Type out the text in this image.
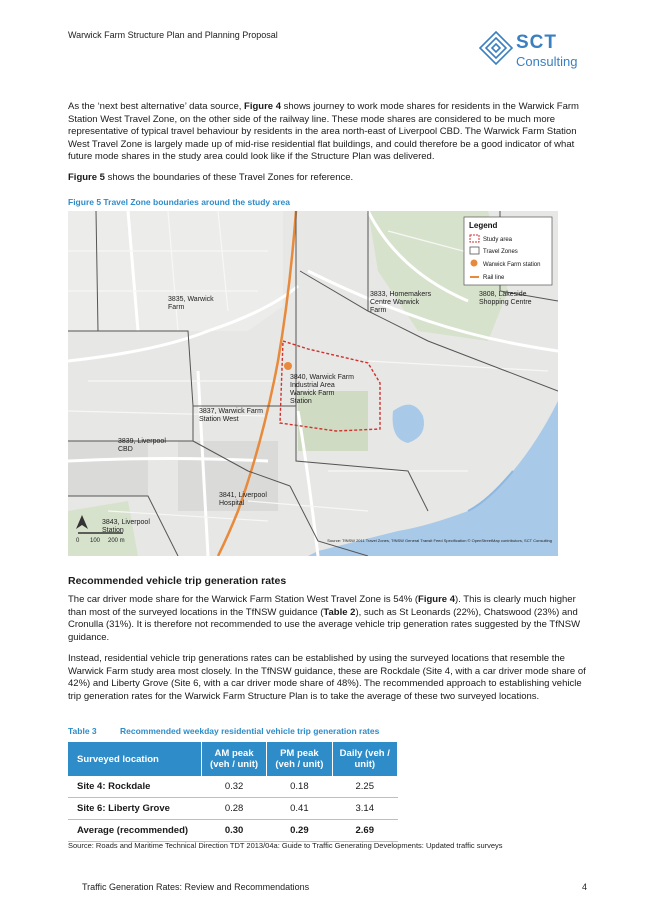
Warwick Farm Structure Plan and Planning Proposal	SCT
Consulting

As the ‘next best alternative’ data source, Figure 4 shows journey to work mode shares for residents in the Warwick Farm Station West Travel Zone, on the other side of the railway line. These mode shares are considered to be much more representative of typical travel behaviour by residents in the area north-east of Liverpool CBD. The Warwick Farm Station West Travel Zone is largely made up of mid-rise residential flat buildings, and could therefore be a good indicator of what future mode shares in the study area could look like if the Structure Plan was delivered.

Figure 5 shows the boundaries of these Travel Zones for reference.

Figure 5 Travel Zone boundaries around the study area
3835, Warwick
Farm
3833, Homemakers
Centre Warwick
Farm
3808, Lakeside
Shopping Centre
3840, Warwick Farm
Industrial Area
Warwick Farm
Station
3837, Warwick Farm
Station West
3839, Liverpool
CBD
3841, Liverpool
Hospital
3843, Liverpool
Station
0 100 200 m	Source: TfNSW 2011 Travel Zones, TfNSW General Transit Feed Specification © OpenStreetMap contributors, SCT Consulting
Legend
Study area
Travel Zones
Warwick Farm station
Rail line
Recommended vehicle trip generation rates

The car driver mode share for the Warwick Farm Station West Travel Zone is 54% (Figure 4). This is clearly much higher than most of the surveyed locations in the TfNSW guidance (Table 2), such as St Leonards (22%), Chatswood (23%) and Cronulla (31%). It is therefore not recommended to use the average vehicle trip generation rates suggested by the TfNSW guidance.

Instead, residential vehicle trip generations rates can be established by using the surveyed locations that resemble the Warwick Farm study area most closely. In the TfNSW guidance, these are Rockdale (Site 4, with a car driver mode share of 42%) and Liberty Grove (Site 6, with a car driver mode share of 48%). The recommended approach to establishing vehicle trip generation rates for the Warwick Farm Structure Plan is to take the average of these two surveyed locations.

Table 3	Recommended weekday residential vehicle trip generation rates
Surveyed location	AM peak (veh / unit)	PM peak (veh / unit)	Daily (veh / unit)
Site 4: Rockdale	0.32	0.18	2.25
Site 6: Liberty Grove	0.28	0.41	3.14
Average (recommended)	0.30	0.29	2.69
Source: Roads and Maritime Technical Direction TDT 2013/04a: Guide to Traffic Generating Developments: Updated traffic surveys
Traffic Generation Rates: Review and Recommendations	4
